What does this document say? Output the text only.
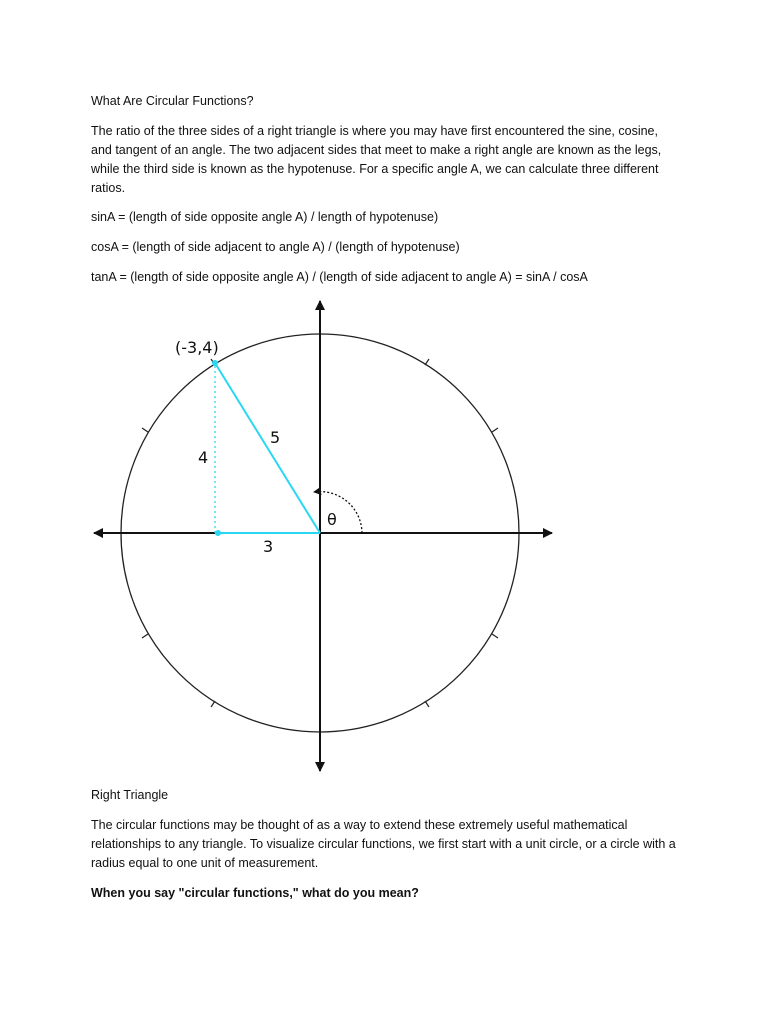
What Are Circular Functions?

The ratio of the three sides of a right triangle is where you may have first encountered the sine, cosine, and tangent of an angle. The two adjacent sides that meet to make a right angle are known as the legs, while the third side is known as the hypotenuse. For a specific angle A, we can calculate three different ratios.

sinA = (length of side opposite angle A) / length of hypotenuse)

cosA = (length of side adjacent to angle A) / (length of hypotenuse)

tanA = (length of side opposite angle A) / (length of side adjacent to angle A) = sinA / cosA

(-3,4)
5
4
3
θ

Right Triangle

The circular functions may be thought of as a way to extend these extremely useful mathematical relationships to any triangle. To visualize circular functions, we first start with a unit circle, or a circle with a radius equal to one unit of measurement.

When you say "circular functions," what do you mean?
